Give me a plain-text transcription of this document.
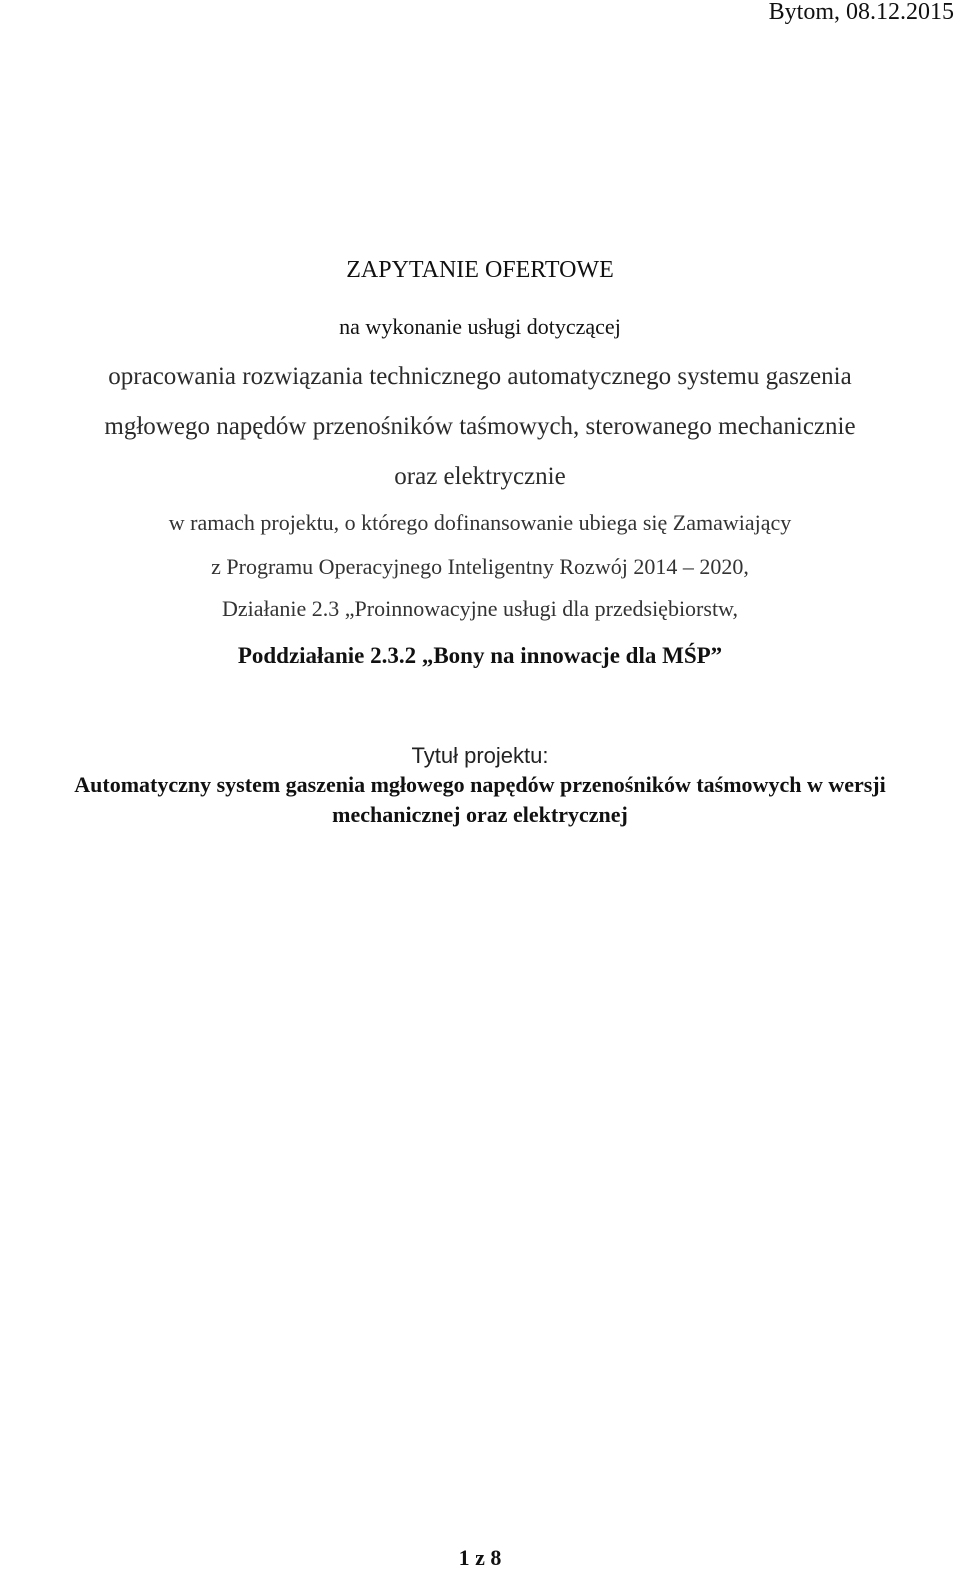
Bytom, 08.12.2015
ZAPYTANIE OFERTOWE
na wykonanie usługi dotyczącej
opracowania rozwiązania technicznego automatycznego systemu gaszenia
mgłowego napędów przenośników taśmowych, sterowanego mechanicznie
oraz elektrycznie
w ramach projektu, o którego dofinansowanie ubiega się Zamawiający
z Programu Operacyjnego Inteligentny Rozwój 2014 – 2020,
Działanie 2.3 „Proinnowacyjne usługi dla przedsiębiorstw,
Poddziałanie 2.3.2 „Bony na innowacje dla MŚP”
Tytuł projektu:
Automatyczny system gaszenia mgłowego napędów przenośników taśmowych w wersji
mechanicznej oraz elektrycznej
1 z 8
